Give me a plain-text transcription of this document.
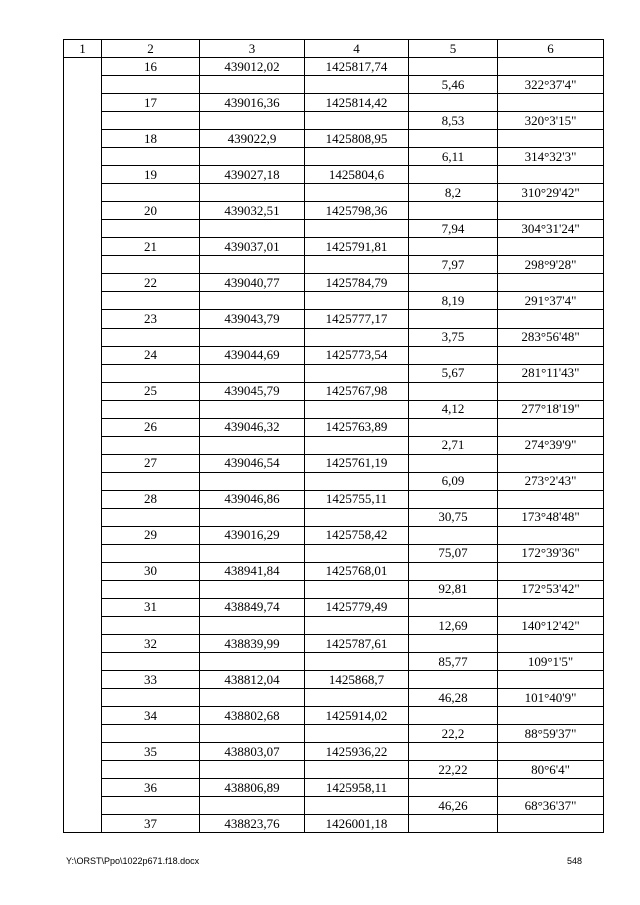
1	2	3	4	5	6
	16	439012,02	1425817,74		
				5,46	322°37'4"
	17	439016,36	1425814,42		
				8,53	320°3'15"
	18	439022,9	1425808,95		
				6,11	314°32'3"
	19	439027,18	1425804,6		
				8,2	310°29'42"
	20	439032,51	1425798,36		
				7,94	304°31'24"
	21	439037,01	1425791,81		
				7,97	298°9'28"
	22	439040,77	1425784,79		
				8,19	291°37'4"
	23	439043,79	1425777,17		
				3,75	283°56'48"
	24	439044,69	1425773,54		
				5,67	281°11'43"
	25	439045,79	1425767,98		
				4,12	277°18'19"
	26	439046,32	1425763,89		
				2,71	274°39'9"
	27	439046,54	1425761,19		
				6,09	273°2'43"
	28	439046,86	1425755,11		
				30,75	173°48'48"
	29	439016,29	1425758,42		
				75,07	172°39'36"
	30	438941,84	1425768,01		
				92,81	172°53'42"
	31	438849,74	1425779,49		
				12,69	140°12'42"
	32	438839,99	1425787,61		
				85,77	109°1'5"
	33	438812,04	1425868,7		
				46,28	101°40'9"
	34	438802,68	1425914,02		
				22,2	88°59'37"
	35	438803,07	1425936,22		
				22,22	80°6'4"
	36	438806,89	1425958,11		
				46,26	68°36'37"
	37	438823,76	1426001,18		
Y:\ORST\Ppo\1022p671.f18.docx	548
